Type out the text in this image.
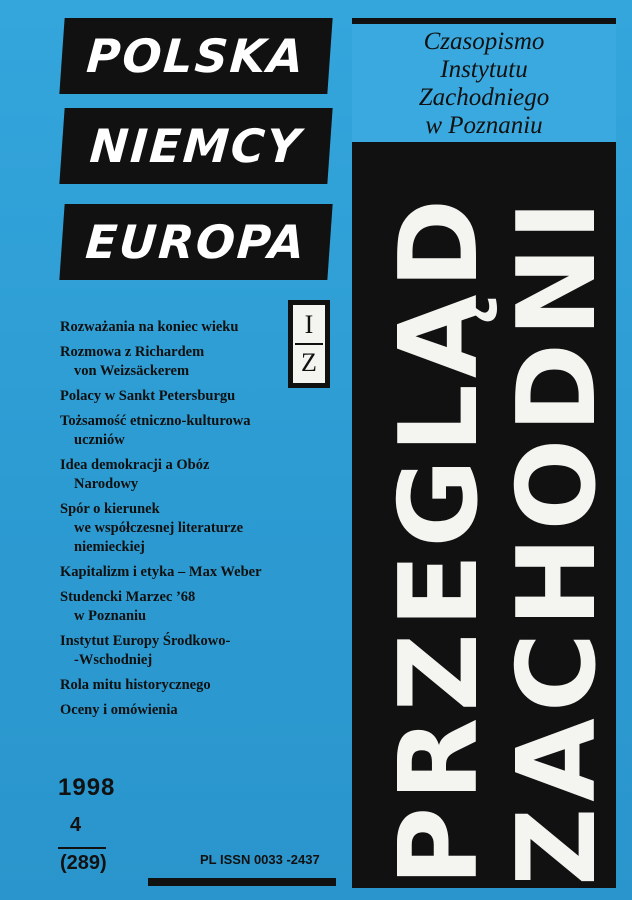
POLSKA
NIEMCY
EUROPA
Czasopismo
Instytutu
Zachodniego
w Poznaniu
PRZEGLĄD
ZACHODNI
I
Z
Rozważania na koniec wieku
Rozmowa z Richardem
von Weizsäckerem
Polacy w Sankt Petersburgu
Tożsamość etniczno-kulturowa
uczniów
Idea demokracji a Obóz
Narodowy
Spór o kierunek
we współczesnej literaturze
niemieckiej
Kapitalizm i etyka – Max Weber
Studencki Marzec ’68
w Poznaniu
Instytut Europy Środkowo-
-Wschodniej
Rola mitu historycznego
Oceny i omówienia
1998
4
(289)	PL ISSN 0033 -2437
